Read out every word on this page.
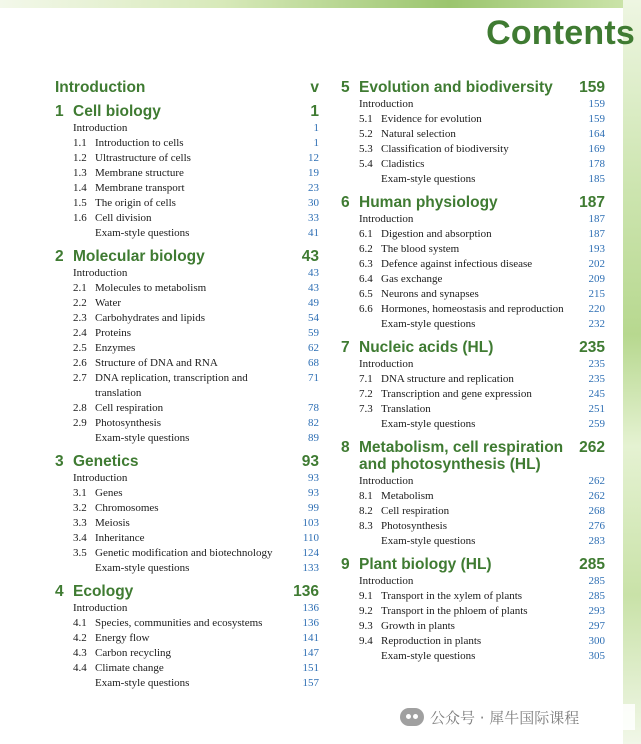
Contents
Introduction	v
1 Cell biology	1
Introduction	1
1.1 Introduction to cells	1
1.2 Ultrastructure of cells	12
1.3 Membrane structure	19
1.4 Membrane transport	23
1.5 The origin of cells	30
1.6 Cell division	33
Exam-style questions	41
2 Molecular biology	43
Introduction	43
2.1 Molecules to metabolism	43
2.2 Water	49
2.3 Carbohydrates and lipids	54
2.4 Proteins	59
2.5 Enzymes	62
2.6 Structure of DNA and RNA	68
2.7 DNA replication, transcription and translation
71
2.8 Cell respiration	78
2.9 Photosynthesis	82
Exam-style questions	89
3 Genetics	93
Introduction	93
3.1 Genes	93
3.2 Chromosomes	99
3.3 Meiosis	103
3.4 Inheritance	110
3.5 Genetic modification and biotechnology	124
Exam-style questions	133
4 Ecology	136
Introduction	136
4.1 Species, communities and ecosystems	136
4.2 Energy flow	141
4.3 Carbon recycling	147
4.4 Climate change	151
Exam-style questions	157
5 Evolution and biodiversity	159
Introduction	159
5.1 Evidence for evolution	159
5.2 Natural selection	164
5.3 Classification of biodiversity	169
5.4 Cladistics	178
Exam-style questions	185
6 Human physiology	187
Introduction	187
6.1 Digestion and absorption	187
6.2 The blood system	193
6.3 Defence against infectious disease	202
6.4 Gas exchange	209
6.5 Neurons and synapses	215
6.6 Hormones, homeostasis and reproduction	220
Exam-style questions	232
7 Nucleic acids (HL)	235
Introduction	235
7.1 DNA structure and replication	235
7.2 Transcription and gene expression	245
7.3 Translation	251
Exam-style questions	259
8 Metabolism, cell respiration and photosynthesis (HL)
262
Introduction	262
8.1 Metabolism	262
8.2 Cell respiration	268
8.3 Photosynthesis	276
Exam-style questions	283
9 Plant biology (HL)	285
Introduction	285
9.1 Transport in the xylem of plants	285
9.2 Transport in the phloem of plants	293
9.3 Growth in plants	297
9.4 Reproduction in plants	300
Exam-style questions	305
公众号 · 犀牛国际课程
